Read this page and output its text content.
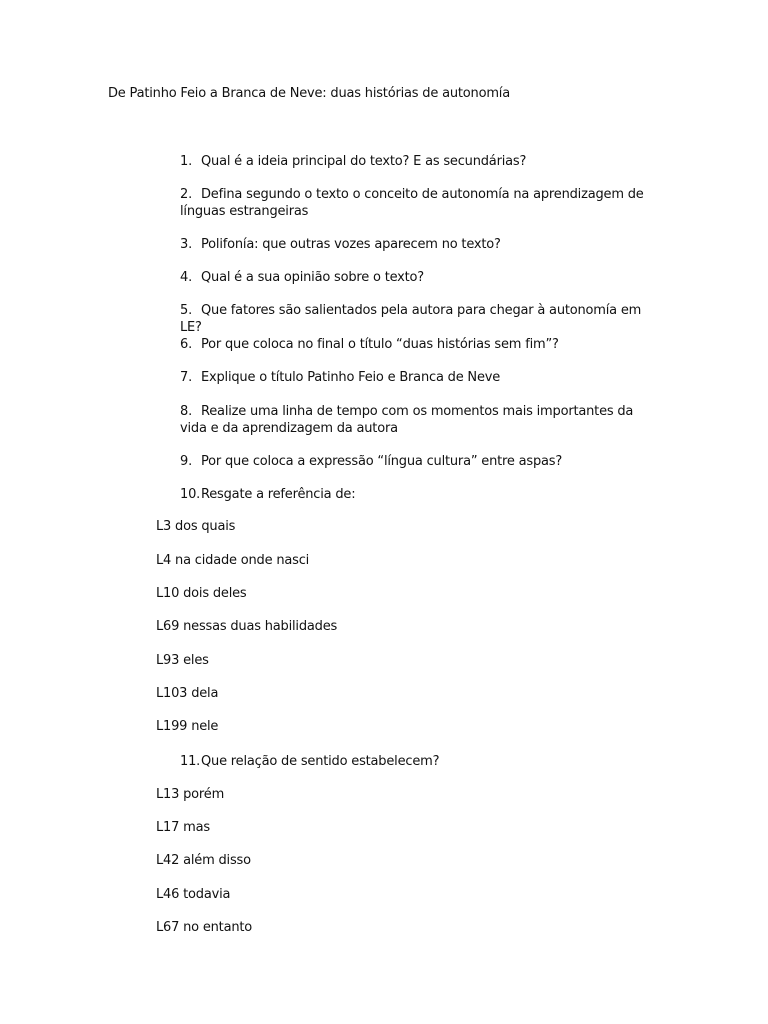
De Patinho Feio a Branca de Neve: duas histórias de autonomía
1. Qual é a ideia principal do texto? E as secundárias?
2. Defina segundo o texto o conceito de autonomía na aprendizagem de línguas estrangeiras
3. Polifonía: que outras vozes aparecem no texto?
4. Qual é a sua opinião sobre o texto?
5. Que fatores são salientados pela autora para chegar à autonomía em LE?
6. Por que coloca no final o título “duas histórias sem fim”?
7. Explique o título Patinho Feio e Branca de Neve
8. Realize uma linha de tempo com os momentos mais importantes da vida e da aprendizagem da autora
9. Por que coloca a expressão “língua cultura” entre aspas?
10.Resgate a referência de:
L3 dos quais
L4 na cidade onde nasci
L10 dois deles
L69 nessas duas habilidades
L93 eles
L103 dela
L199 nele
11.Que relação de sentido estabelecem?
L13 porém
L17 mas
L42 além disso
L46 todavia
L67 no entanto
